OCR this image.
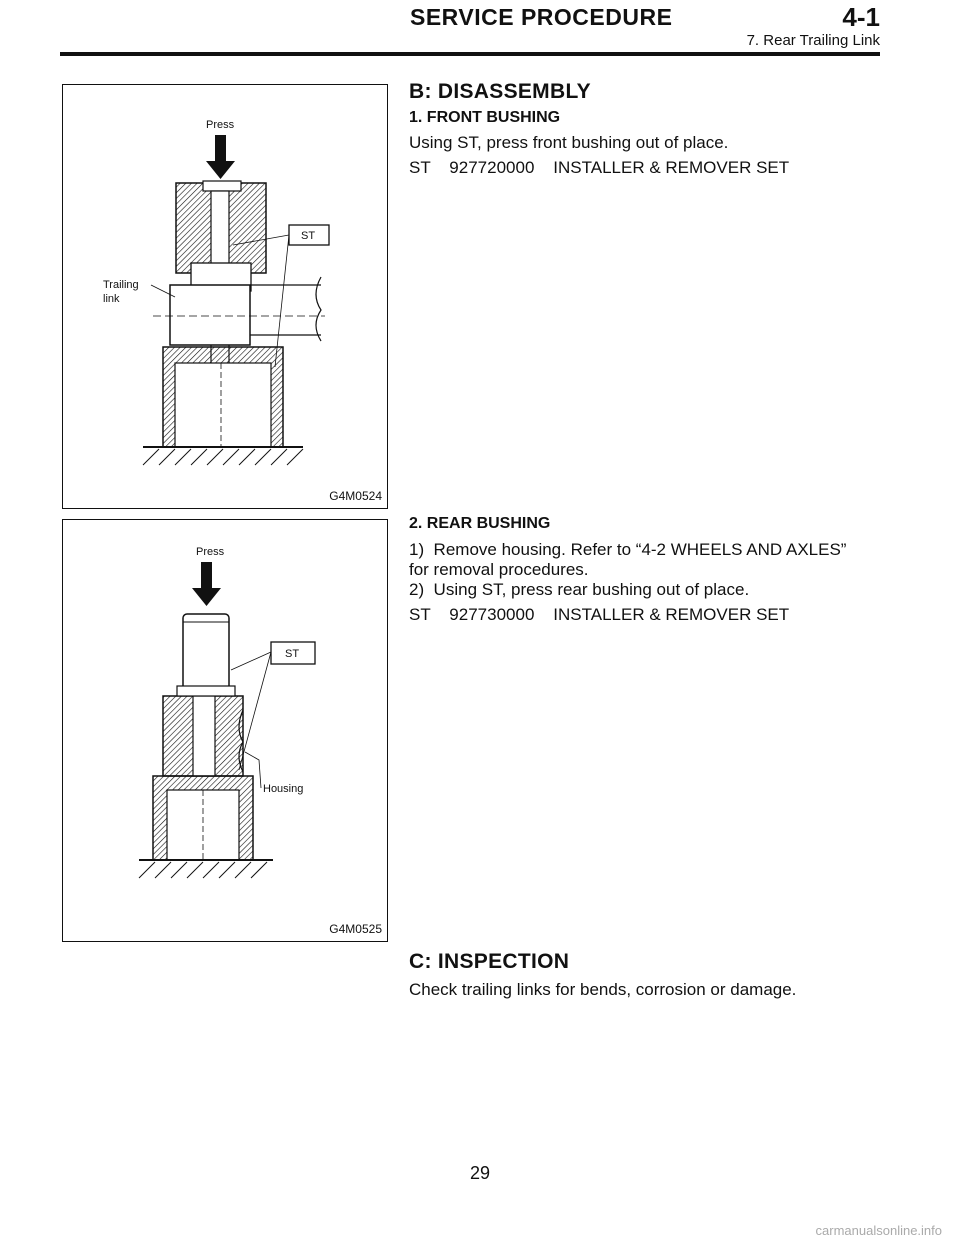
SERVICE PROCEDURE	4-1
7. Rear Trailing Link
Press
ST
Trailing
link
G4M0524
Press
ST
Housing
G4M0525
B: DISASSEMBLY
1. FRONT BUSHING
Using ST, press front bushing out of place.
ST    927720000    INSTALLER & REMOVER SET
2. REAR BUSHING
1)  Remove housing. Refer to “4-2 WHEELS AND AXLES”
for removal procedures.
2)  Using ST, press rear bushing out of place.
ST    927730000    INSTALLER & REMOVER SET
C: INSPECTION
Check trailing links for bends, corrosion or damage.
29
carmanualsonline.info
